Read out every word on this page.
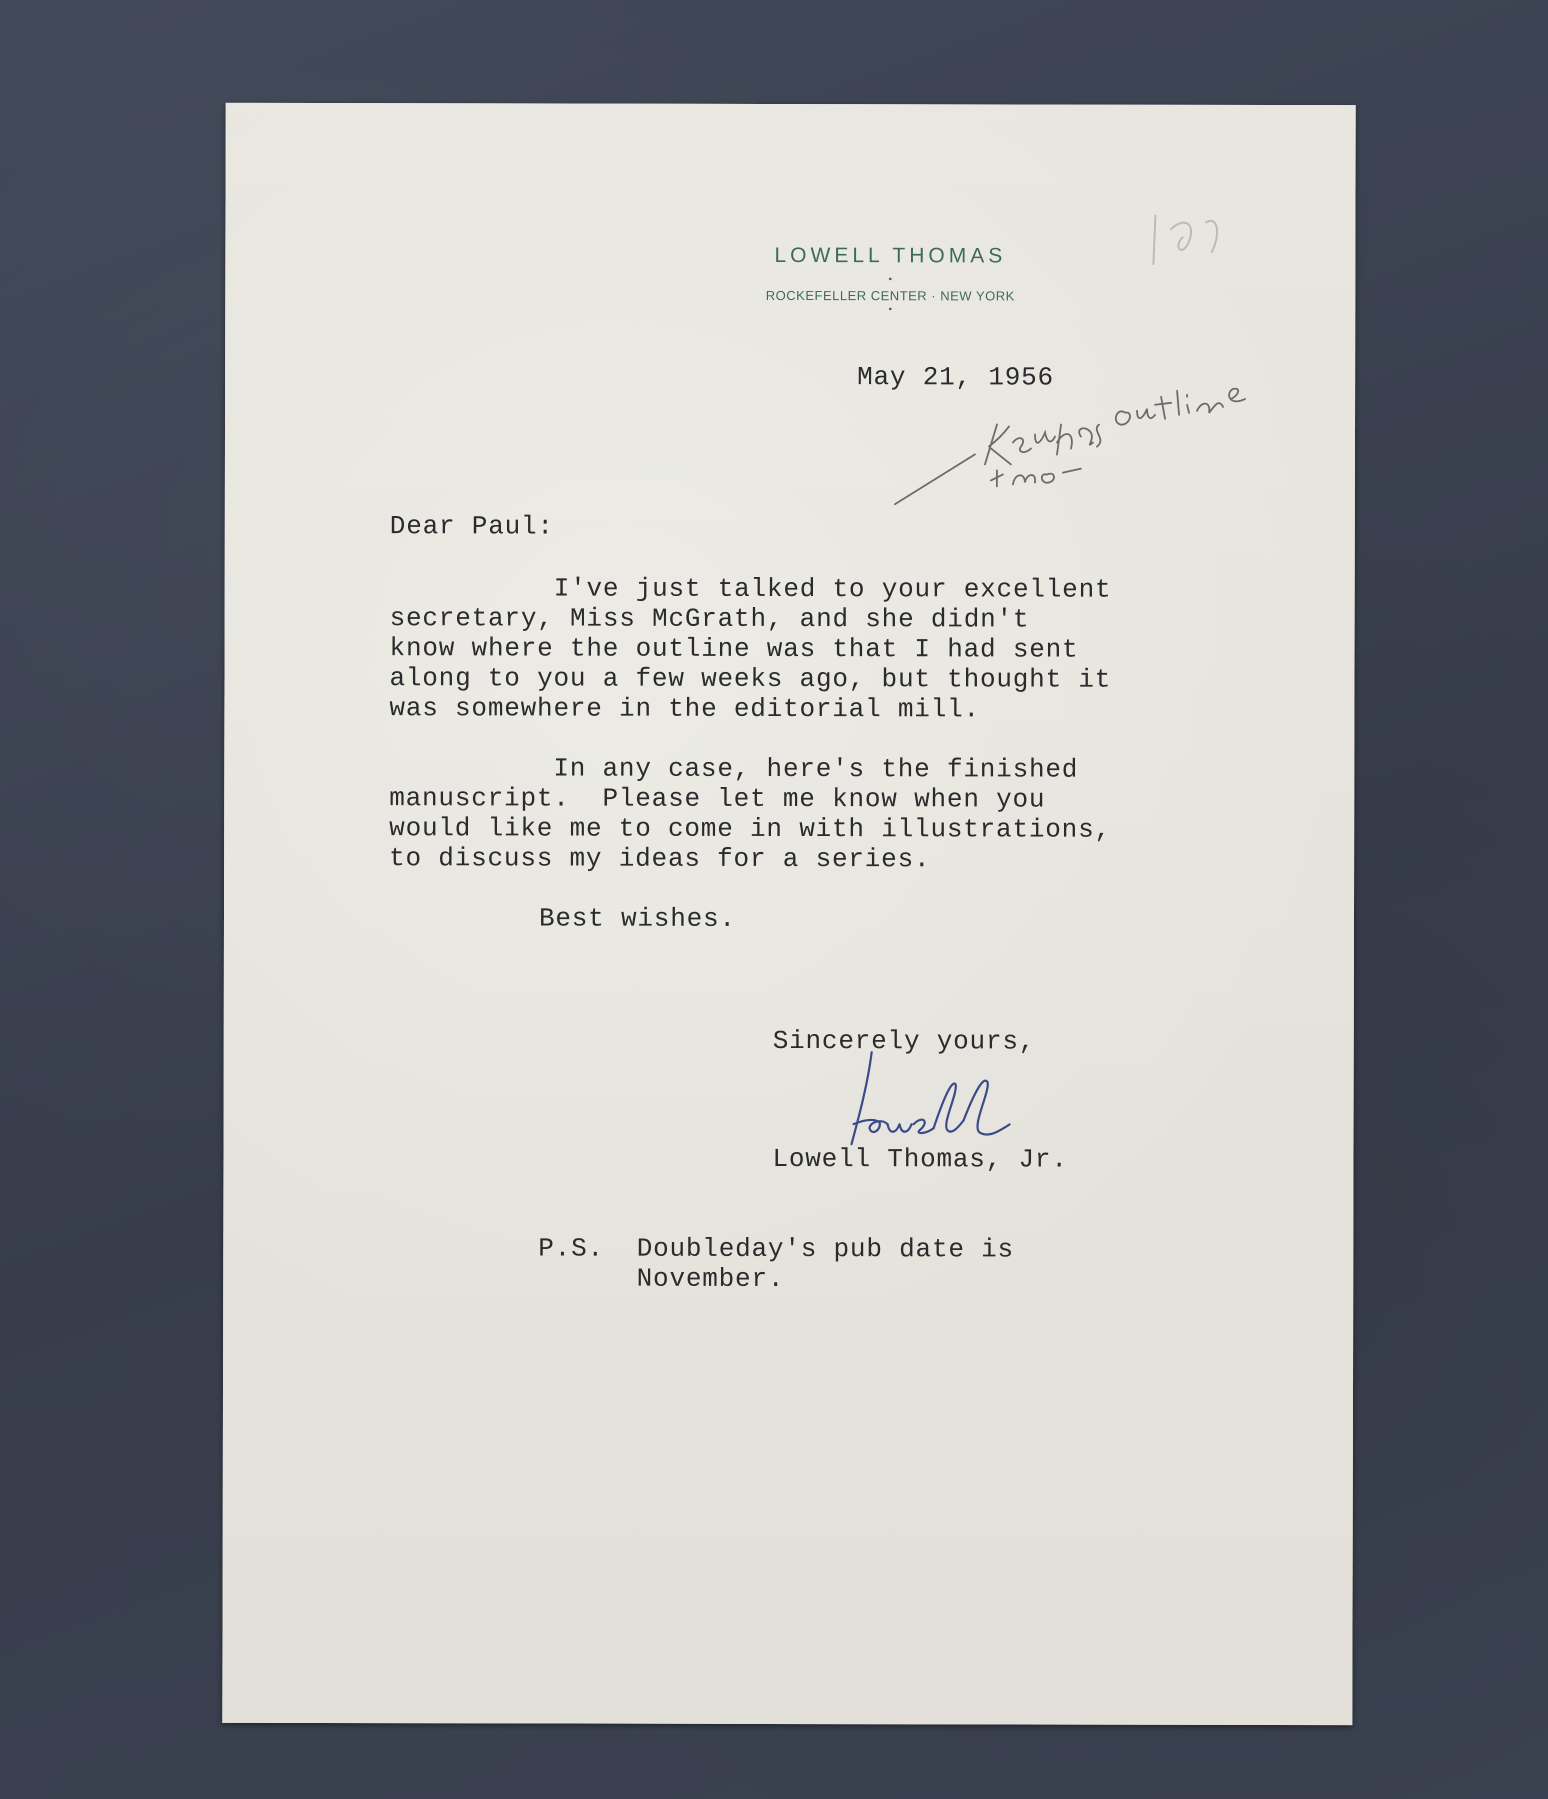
LOWELL THOMAS
•
ROCKEFELLER CENTER · NEW YORK
•
May 21, 1956
Dear Paul:
I've just talked to your excellent
secretary, Miss McGrath, and she didn't
know where the outline was that I had sent
along to you a few weeks ago, but thought it
was somewhere in the editorial mill.
In any case, here's the finished
manuscript.  Please let me know when you
would like me to come in with illustrations,
to discuss my ideas for a series.
Best wishes.
Sincerely yours,
Lowell Thomas, Jr.
P.S.  Doubleday's pub date is
November.
